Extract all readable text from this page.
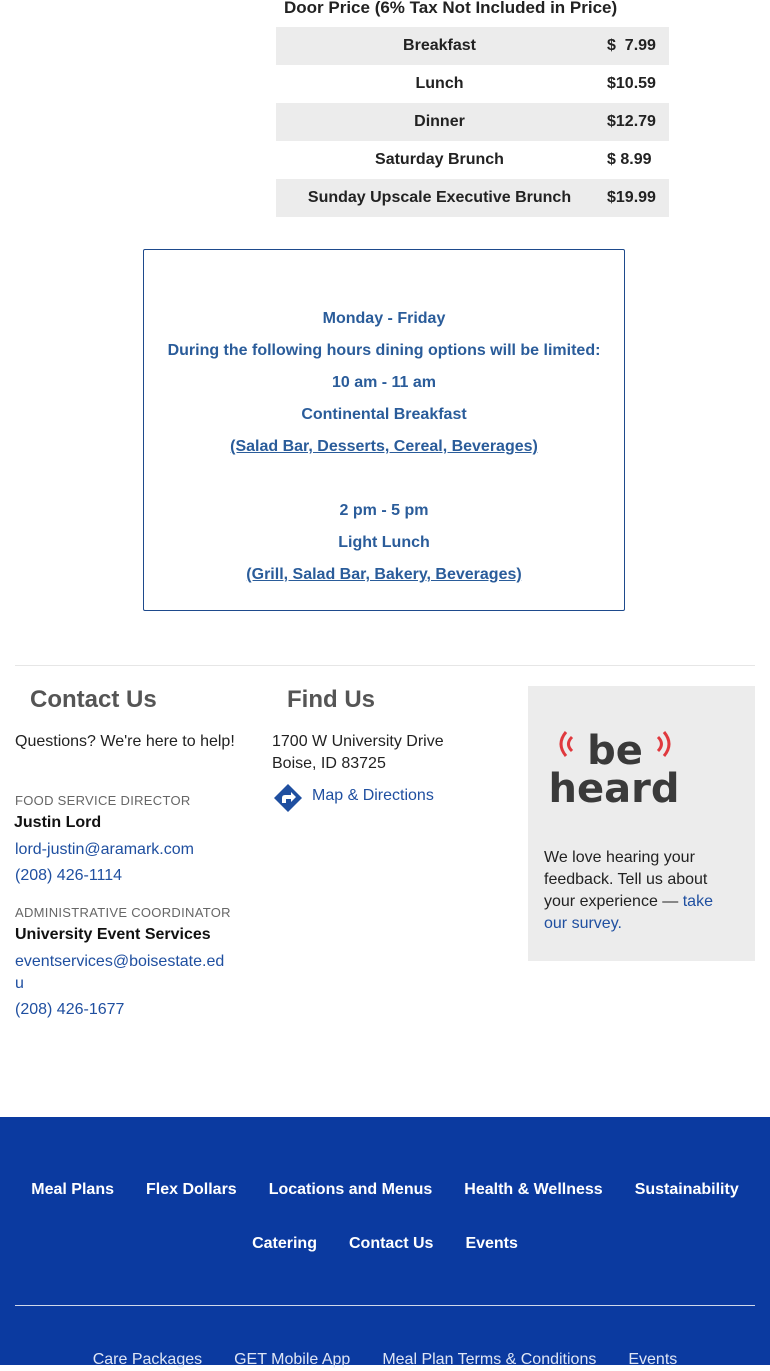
Door Price (6% Tax Not Included in Price)
Breakfast	$  7.99
Lunch	$10.59
Dinner	$12.79
Saturday Brunch	$ 8.99
Sunday Upscale Executive Brunch	$19.99
Monday - Friday
During the following hours dining options will be limited:
10 am - 11 am
Continental Breakfast
(Salad Bar, Desserts, Cereal, Beverages)
2 pm - 5 pm
Light Lunch
(Grill, Salad Bar, Bakery, Beverages)
Contact Us
Questions? We're here to help!
FOOD SERVICE DIRECTOR
Justin Lord
lord-justin@aramark.com
(208) 426-1114
ADMINISTRATIVE COORDINATOR
University Event Services
eventservices@boisestate.ed
u
(208) 426-1677
Find Us
1700 W University Drive
Boise, ID 83725
Map & Directions
be
heard
We love hearing your feedback. Tell us about your experience — take our survey.
Meal Plans Flex Dollars Locations and Menus Health & Wellness Sustainability
Catering Contact Us Events
Care Packages GET Mobile App Meal Plan Terms & Conditions Events
